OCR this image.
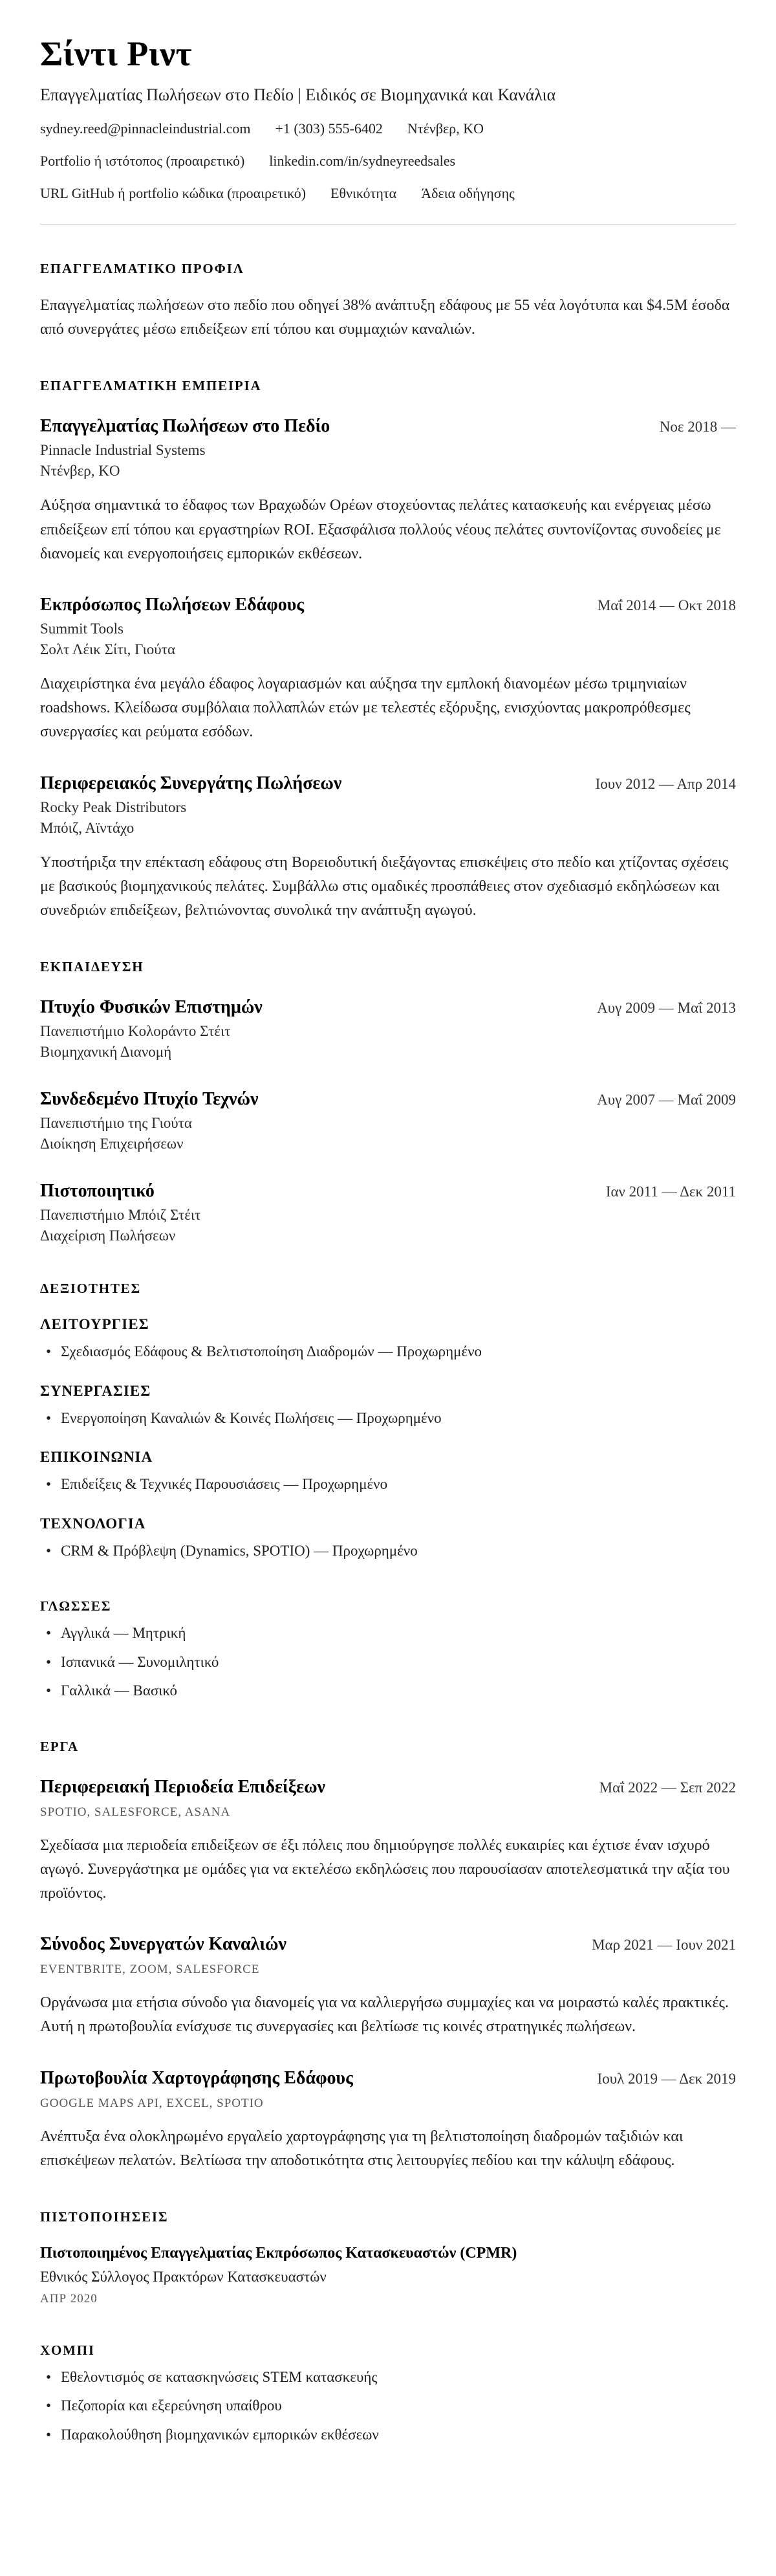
Σίντι Ριντ
Επαγγελματίας Πωλήσεων στο Πεδίο | Ειδικός σε Βιομηχανικά και Κανάλια
sydney.reed@pinnacleindustrial.com +1 (303) 555-6402 Ντένβερ, KO
Portfolio ή ιστότοπος (προαιρετικό) linkedin.com/in/sydneyreedsales
URL GitHub ή portfolio κώδικα (προαιρετικό) Εθνικότητα Άδεια οδήγησης
ΕΠΑΓΓΕΛΜΑΤΙΚΟ ΠΡΟΦΙΛ

Επαγγελματίας πωλήσεων στο πεδίο που οδηγεί 38% ανάπτυξη εδάφους με 55 νέα λογότυπα και $4.5M έσοδα από συνεργάτες μέσω επιδείξεων επί τόπου και συμμαχιών καναλιών.

ΕΠΑΓΓΕΛΜΑΤΙΚΗ ΕΜΠΕΙΡΙΑ
Επαγγελματίας Πωλήσεων στο Πεδίο	Νοε 2018 —
Pinnacle Industrial Systems
Ντένβερ, KO

Αύξησα σημαντικά το έδαφος των Βραχωδών Ορέων στοχεύοντας πελάτες κατασκευής και ενέργειας μέσω επιδείξεων επί τόπου και εργαστηρίων ROI. Εξασφάλισα πολλούς νέους πελάτες συντονίζοντας συνοδείες με διανομείς και ενεργοποιήσεις εμπορικών εκθέσεων.

Εκπρόσωπος Πωλήσεων Εδάφους	Μαΐ 2014 — Οκτ 2018
Summit Tools
Σολτ Λέικ Σίτι, Γιούτα

Διαχειρίστηκα ένα μεγάλο έδαφος λογαριασμών και αύξησα την εμπλοκή διανομέων μέσω τριμηνιαίων roadshows. Κλείδωσα συμβόλαια πολλαπλών ετών με τελεστές εξόρυξης, ενισχύοντας μακροπρόθεσμες συνεργασίες και ρεύματα εσόδων.

Περιφερειακός Συνεργάτης Πωλήσεων	Ιουν 2012 — Απρ 2014
Rocky Peak Distributors
Μπόιζ, Αϊντάχο

Υποστήριξα την επέκταση εδάφους στη Βορειοδυτική διεξάγοντας επισκέψεις στο πεδίο και χτίζοντας σχέσεις με βασικούς βιομηχανικούς πελάτες. Συμβάλλω στις ομαδικές προσπάθειες στον σχεδιασμό εκδηλώσεων και συνεδριών επιδείξεων, βελτιώνοντας συνολικά την ανάπτυξη αγωγού.

ΕΚΠΑΙΔΕΥΣΗ
Πτυχίο Φυσικών Επιστημών	Αυγ 2009 — Μαΐ 2013
Πανεπιστήμιο Κολοράντο Στέιτ
Βιομηχανική Διανομή
Συνδεδεμένο Πτυχίο Τεχνών	Αυγ 2007 — Μαΐ 2009
Πανεπιστήμιο της Γιούτα
Διοίκηση Επιχειρήσεων
Πιστοποιητικό	Ιαν 2011 — Δεκ 2011
Πανεπιστήμιο Μπόιζ Στέιτ
Διαχείριση Πωλήσεων
ΔΕΞΙΟΤΗΤΕΣ
ΛΕΙΤΟΥΡΓΙΕΣ
• Σχεδιασμός Εδάφους & Βελτιστοποίηση Διαδρομών — Προχωρημένο
ΣΥΝΕΡΓΑΣΙΕΣ
• Ενεργοποίηση Καναλιών & Κοινές Πωλήσεις — Προχωρημένο
ΕΠΙΚΟΙΝΩΝΙΑ
• Επιδείξεις & Τεχνικές Παρουσιάσεις — Προχωρημένο
ΤΕΧΝΟΛΟΓΙΑ
• CRM & Πρόβλεψη (Dynamics, SPOTIO) — Προχωρημένο
ΓΛΩΣΣΕΣ
• Αγγλικά — Μητρική
• Ισπανικά — Συνομιλητικό
• Γαλλικά — Βασικό
ΕΡΓΑ
Περιφερειακή Περιοδεία Επιδείξεων	Μαΐ 2022 — Σεπ 2022
SPOTIO, SALESFORCE, ASANA

Σχεδίασα μια περιοδεία επιδείξεων σε έξι πόλεις που δημιούργησε πολλές ευκαιρίες και έχτισε έναν ισχυρό αγωγό. Συνεργάστηκα με ομάδες για να εκτελέσω εκδηλώσεις που παρουσίασαν αποτελεσματικά την αξία του προϊόντος.

Σύνοδος Συνεργατών Καναλιών	Μαρ 2021 — Ιουν 2021
EVENTBRITE, ZOOM, SALESFORCE

Οργάνωσα μια ετήσια σύνοδο για διανομείς για να καλλιεργήσω συμμαχίες και να μοιραστώ καλές πρακτικές. Αυτή η πρωτοβουλία ενίσχυσε τις συνεργασίες και βελτίωσε τις κοινές στρατηγικές πωλήσεων.

Πρωτοβουλία Χαρτογράφησης Εδάφους	Ιουλ 2019 — Δεκ 2019
GOOGLE MAPS API, EXCEL, SPOTIO

Ανέπτυξα ένα ολοκληρωμένο εργαλείο χαρτογράφησης για τη βελτιστοποίηση διαδρομών ταξιδιών και επισκέψεων πελατών. Βελτίωσα την αποδοτικότητα στις λειτουργίες πεδίου και την κάλυψη εδάφους.

ΠΙΣΤΟΠΟΙΗΣΕΙΣ
Πιστοποιημένος Επαγγελματίας Εκπρόσωπος Κατασκευαστών (CPMR)
Εθνικός Σύλλογος Πρακτόρων Κατασκευαστών
ΑΠΡ 2020
ΧΟΜΠΙ
• Εθελοντισμός σε κατασκηνώσεις STEM κατασκευής
• Πεζοπορία και εξερεύνηση υπαίθρου
• Παρακολούθηση βιομηχανικών εμπορικών εκθέσεων
